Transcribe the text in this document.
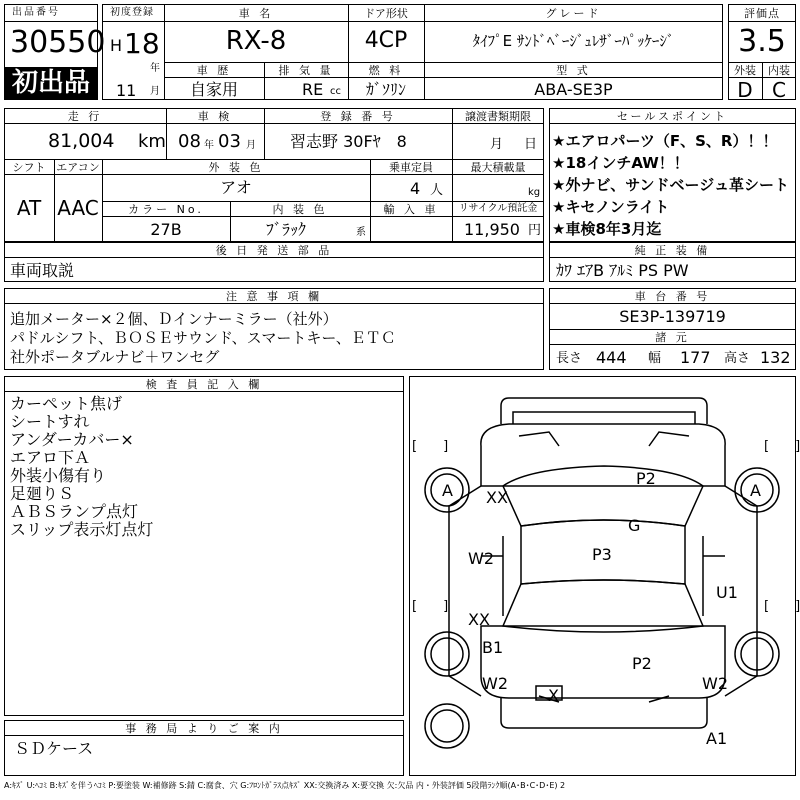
出品番号
30550
初出品
初度登録
H 18
年
11 月
車 名
RX-8
ドア形状
4CP
グレード
ﾀｲﾌﾟE ｻﾝﾄﾞﾍﾞｰｼﾞｭﾚｻﾞｰﾊﾟｯｹｰｼﾞ
車 歴
自家用
排 気 量
RE cc
燃 料
ｶﾞｿﾘﾝ
型 式
ABA-SE3P
評価点
3.5
外装	内装
D C
走 行
81,004 km
車 検
08 年 03 月
登 録 番 号
習志野 30Fﾔ　8
譲渡書類期限
月 日
シフト
AT
エアコン
AAC
外 装 色
アオ
乗車定員
4 人
最大積載量
kg
カラー No.
27B
内 装 色
ﾌﾞﾗｯｸ	系
輸 入 車	リサイクル預託金
11,950 円
セールスポイント
★エアロパーツ（F、S、R）！！
★18インチAW！！
★外ナビ、サンドベージュ革シート
★キセノンライト
★車検8年3月迄
後 日 発 送 部 品
車両取説
純 正 装 備
ｶﾜ ｴｱB ｱﾙﾐ PS PW
注 意 事 項 欄
追加メーター×２個、Ｄインナーミラー（社外）
パドルシフト、ＢＯＳＥサウンド、スマートキー、ＥＴＣ
社外ポータブルナビ＋ワンセグ
車 台 番 号
SE3P-139719
諸 元
長さ 444 幅 177 高さ 132
検 査 員 記 入 欄
カーペット焦げ
シートすれ
アンダーカバー×
エアロ下Ａ
外装小傷有り
足廻りＳ
ＡＢＳランプ点灯
スリップ表示灯点灯
事 務 局 よ り ご 案 内
ＳＤケース
[　　]	[　　]
[　　]	[　　]
A	A
XX
P2
G
W2	P3
U1
XX
B1
P2
W2	W2
X
A1
A:ｷｽﾞ U:ﾍｺﾐ B:ｷｽﾞを伴うﾍｺﾐ P:要塗装 W:補修跡 S:錆 C:腐食、穴 G:ﾌﾛﾝﾄｶﾞﾗｽ点ｷｽﾞ XX:交換済み X:要交換 欠:欠品 内・外装評価 5段階ﾗﾝｸ順(A･B･C･D･E) 2
